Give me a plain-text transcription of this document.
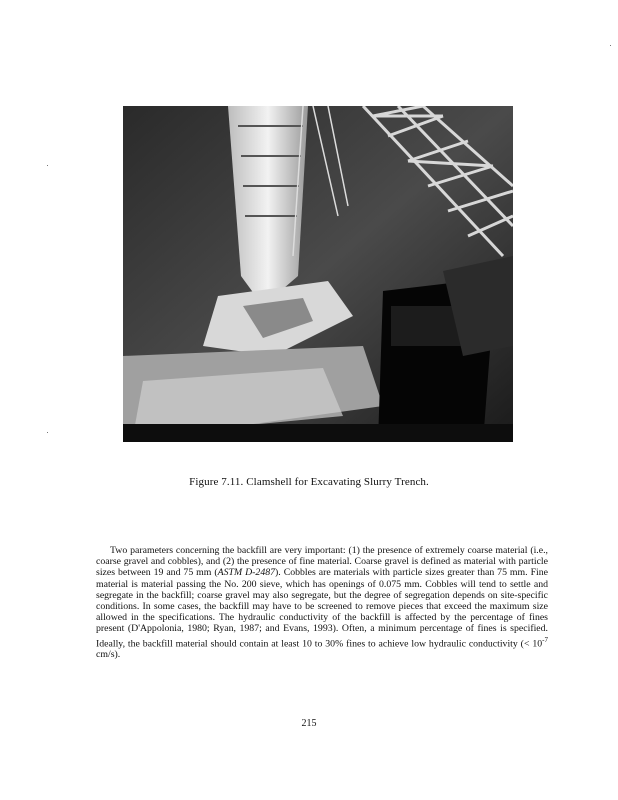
Figure 7.11. Clamshell for Excavating Slurry Trench.

Two parameters concerning the backfill are very important: (1) the presence of extremely coarse material (i.e., coarse gravel and cobbles), and (2) the presence of fine material. Coarse gravel is defined as material with particle sizes between 19 and 75 mm (ASTM D-2487). Cobbles are materials with particle sizes greater than 75 mm. Fine material is material passing the No. 200 sieve, which has openings of 0.075 mm. Cobbles will tend to settle and segregate in the backfill; coarse gravel may also segregate, but the degree of segregation depends on site-specific conditions. In some cases, the backfill may have to be screened to remove pieces that exceed the maximum size allowed in the specifications. The hydraulic conductivity of the backfill is affected by the percentage of fines present (D'Appolonia, 1980; Ryan, 1987; and Evans, 1993). Often, a minimum percentage of fines is specified. Ideally, the backfill material should contain at least 10 to 30% fines to achieve low hydraulic conductivity (< $10^{-7}$ cm/s).

215
